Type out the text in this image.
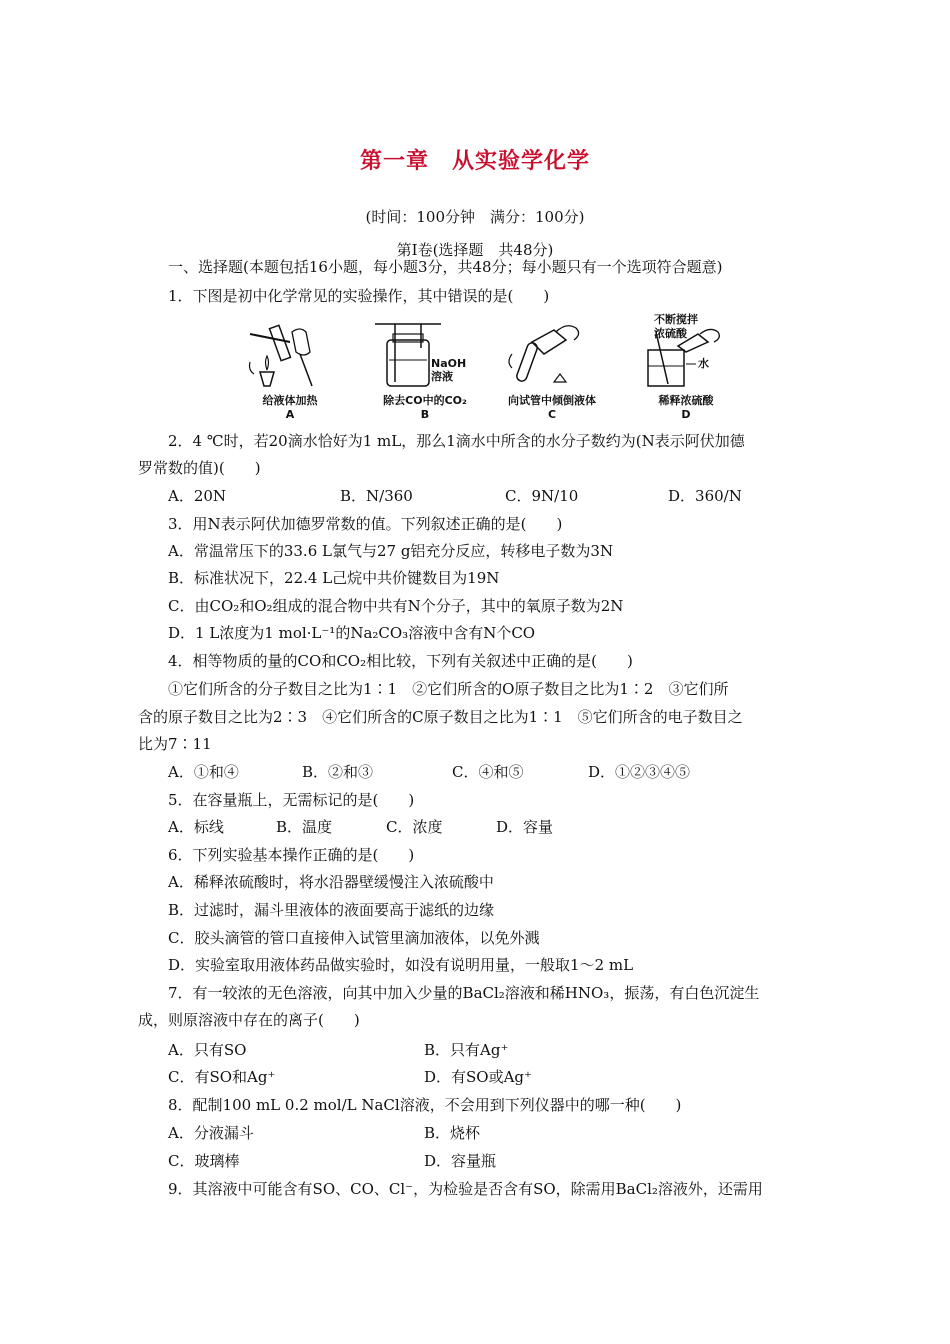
第一章　从实验学化学
(时间：100分钟　满分：100分)
第Ⅰ卷(选择题　共48分)
一、选择题(本题包括16小题，每小题3分，共48分；每小题只有一个选项符合题意)
1．下图是初中化学常见的实验操作，其中错误的是(　　)
给液体加热
A
NaOH
溶液
除去CO中的CO₂
B
向试管中倾倒液体
C
不断搅拌
浓硫酸
水
稀释浓硫酸
D
2．4 ℃时，若20滴水恰好为1 mL，那么1滴水中所含的水分子数约为(N表示阿伏加德
罗常数的值)(　　)
A．20N	B．N/360	C．9N/10	D．360/N
3．用N表示阿伏加德罗常数的值。下列叙述正确的是(　　)
A．常温常压下的33.6 L氯气与27 g铝充分反应，转移电子数为3N
B．标准状况下，22.4 L己烷中共价键数目为19N
C．由CO₂和O₂组成的混合物中共有N个分子，其中的氧原子数为2N
D．1 L浓度为1 mol·L⁻¹的Na₂CO₃溶液中含有N个CO
4．相等物质的量的CO和CO₂相比较，下列有关叙述中正确的是(　　)
①它们所含的分子数目之比为1∶1　②它们所含的O原子数目之比为1∶2　③它们所
含的原子数目之比为2∶3　④它们所含的C原子数目之比为1∶1　⑤它们所含的电子数目之
比为7∶11
A．①和④	B．②和③	C．④和⑤	D．①②③④⑤
5．在容量瓶上，无需标记的是(　　)
A．标线	B．温度	C．浓度	D．容量
6．下列实验基本操作正确的是(　　)
A．稀释浓硫酸时，将水沿器壁缓慢注入浓硫酸中
B．过滤时，漏斗里液体的液面要高于滤纸的边缘
C．胶头滴管的管口直接伸入试管里滴加液体，以免外溅
D．实验室取用液体药品做实验时，如没有说明用量，一般取1～2 mL
7．有一较浓的无色溶液，向其中加入少量的BaCl₂溶液和稀HNO₃，振荡，有白色沉淀生
成，则原溶液中存在的离子(　　)
A．只有SO	B．只有Ag⁺
C．有SO和Ag⁺	D．有SO或Ag⁺
8．配制100 mL 0.2 mol/L NaCl溶液，不会用到下列仪器中的哪一种(　　)
A．分液漏斗	B．烧杯
C．玻璃棒	D．容量瓶
9．其溶液中可能含有SO、CO、Cl⁻，为检验是否含有SO，除需用BaCl₂溶液外，还需用
